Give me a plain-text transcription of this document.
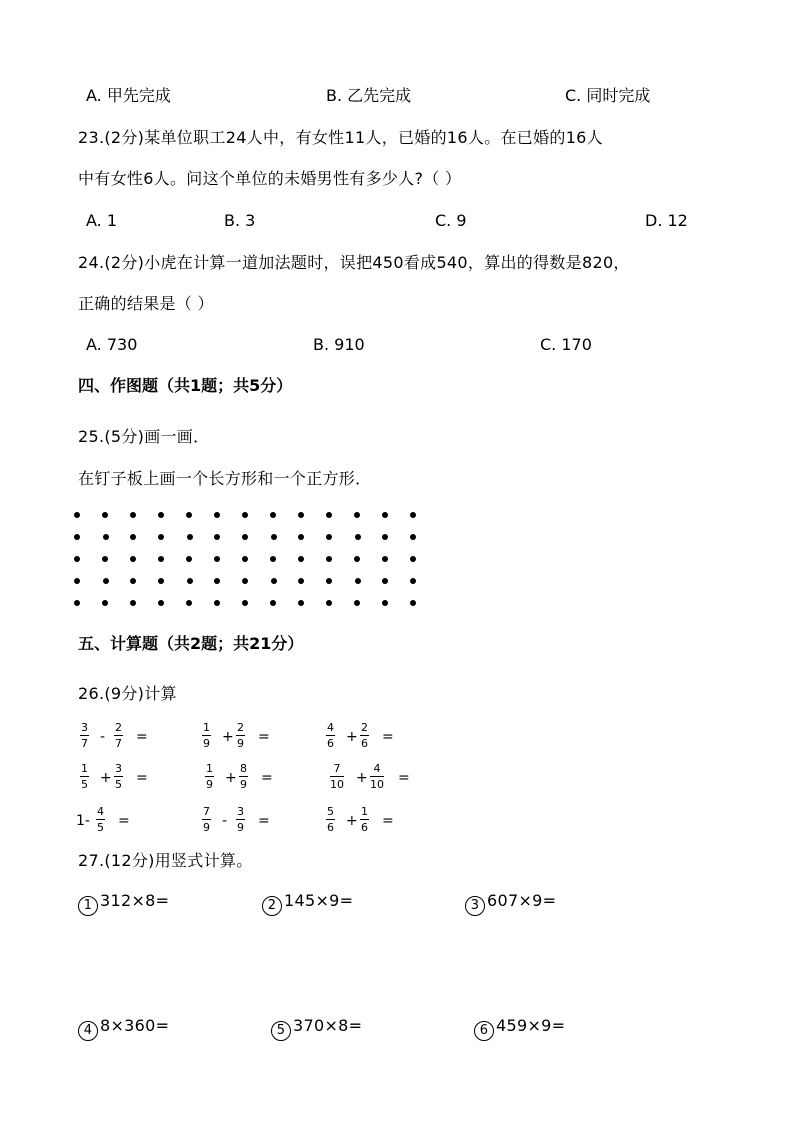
A. 甲先完成	B. 乙先完成	C. 同时完成
23.(2分)某单位职工24人中，有女性11人，已婚的16人。在已婚的16人
中有女性6人。问这个单位的未婚男性有多少人?（ ）
A. 1	B. 3	C. 9	D. 12
24.(2分)小虎在计算一道加法题时，误把450看成540，算出的得数是820，
正确的结果是（ ）
A. 730	B. 910	C. 170
四、作图题（共1题；共5分）
25.(5分)画一画．
在钉子板上画一个长方形和一个正方形．
五、计算题（共2题；共21分）
26.(9分)计算
$\frac{3}{7} - \frac{2}{7}$ =	$\frac{1}{9} + \frac{2}{9}$ =	$\frac{4}{6} + \frac{2}{6}$ =
$\frac{1}{5} + \frac{3}{5}$ =	$\frac{1}{9} + \frac{8}{9}$ =	$\frac{7}{10} + \frac{4}{10}$ =
$1- \frac{4}{5}$ =	$\frac{7}{9} - \frac{3}{9}$ =	$\frac{5}{6} + \frac{1}{6}$ =
27.(12分)用竖式计算。
1 312×8=	2 145×9=	3 607×9=
4 8×360=	5 370×8=	6 459×9=
